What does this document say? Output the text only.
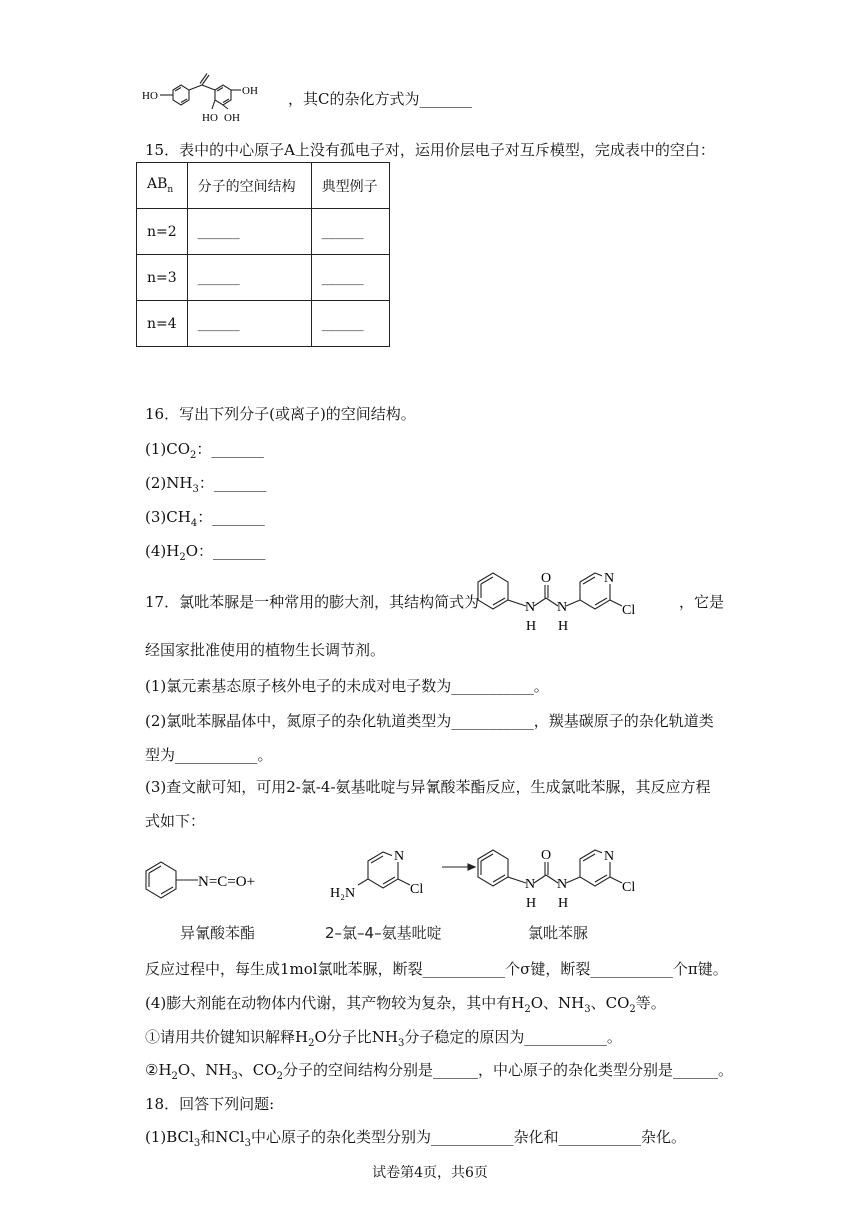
HO	OH
HO OH
，其C的杂化方式为_______
15．表中的中心原子A上没有孤电子对，运用价层电子对互斥模型，完成表中的空白：
$AB_n$	分子的空间结构	典型例子
n=2	______	______
n=3	______	______
n=4	______	______
16．写出下列分子(或离子)的空间结构。
$(1)CO_2$：_______
$(2)NH_3$：_______
$(3)CH_4$：_______
$(4)H_2O$：_______
17．氯吡苯脲是一种常用的膨大剂，其结构简式为
N
O
N N
H H
Cl	，它是
经国家批准使用的植物生长调节剂。
(1)氯元素基态原子核外电子的未成对电子数为___________。
(2)氯吡苯脲晶体中，氮原子的杂化轨道类型为___________，羰基碳原子的杂化轨道类
型为___________。
(3)查文献可知，可用2-氯-4-氨基吡啶与异氰酸苯酯反应，生成氯吡苯脲，其反应方程
式如下：
N=C=O+
N
Cl
H₂N
N
O
N N
H H
Cl
异氰酸苯酯	2–氯–4–氨基吡啶	氯吡苯脲
反应过程中，每生成1mol氯吡苯脲，断裂___________个σ键，断裂___________个π键。
(4)膨大剂能在动物体内代谢，其产物较为复杂，其中有$H_2O$、$NH_3$、$CO_2$等。
①请用共价键知识解释$H_2O$分子比$NH_3$分子稳定的原因为___________。
$②H_2O$、$NH_3$、$CO_2$分子的空间结构分别是______，中心原子的杂化类型分别是______。
18．回答下列问题:
(1)BCl$_3$和NCl$_3$中心原子的杂化类型分别为___________杂化和___________杂化。
试卷第4页，共6页
